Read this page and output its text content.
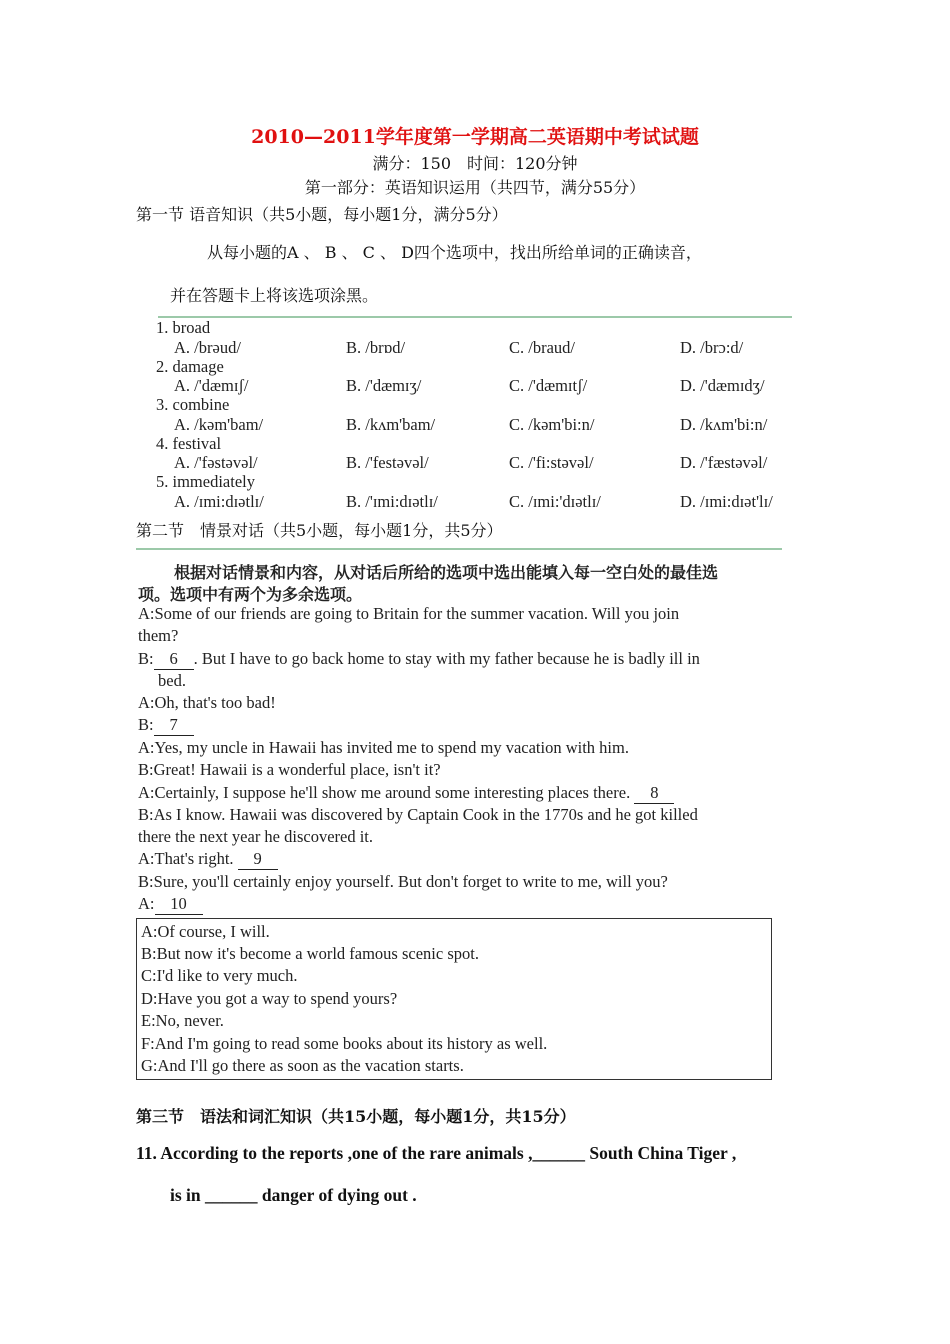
2010—2011学年度第一学期高二英语期中考试试题
满分：150　时间：120分钟
第一部分：英语知识运用（共四节，满分55分）
第一节 语音知识（共5小题，每小题1分，满分5分）
从每小题的A 、 B 、 C 、 D四个选项中，找出所给单词的正确读音，
并在答题卡上将该选项涂黑。
1. broad
A. /brəud/	B. /brɒd/	C. /braud/	D. /brɔ:d/
2. damage
A. /'dæmɪʃ/	B. /'dæmɪʒ/	C. /'dæmɪtʃ/	D. /'dæmɪdʒ/
3. combine
A. /kəm'bam/	B. /kʌm'bam/	C. /kəm'bi:n/	D. /kʌm'bi:n/
4. festival
A. /'fəstəvəl/	B. /'festəvəl/	C. /'fi:stəvəl/	D. /'fæstəvəl/
5. immediately
A. /ɪmi:dɪətlɪ/	B. /'ɪmi:dɪətlɪ/	C. /ɪmi:'dɪətlɪ/	D. /ɪmi:dɪət'lɪ/
第二节　情景对话（共5小题，每小题1分，共5分）
根据对话情景和内容，从对话后所给的选项中选出能填入每一空白处的最佳选
项。选项中有两个为多余选项。
A:Some of our friends are going to Britain for the summer vacation. Will you join
them?
B: 6 . But I have to go back home to stay with my father because he is badly ill in
bed.
A:Oh, that's too bad!
B: 7
A:Yes, my uncle in Hawaii has invited me to spend my vacation with him.
B:Great! Hawaii is a wonderful place, isn't it?
A:Certainly, I suppose he'll show me around some interesting places there. 8
B:As I know. Hawaii was discovered by Captain Cook in the 1770s and he got killed
there the next year he discovered it.
A:That's right. 9
B:Sure, you'll certainly enjoy yourself. But don't forget to write to me, will you?
A: 10
A:Of course, I will.
B:But now it's become a world famous scenic spot.
C:I'd like to very much.
D:Have you got a way to spend yours?
E:No, never.
F:And I'm going to read some books about its history as well.
G:And I'll go there as soon as the vacation starts.
第三节　语法和词汇知识（共15小题，每小题1分，共15分）
11. According to the reports ,one of the rare animals ,______ South China Tiger ,
is in ______ danger of dying out .
